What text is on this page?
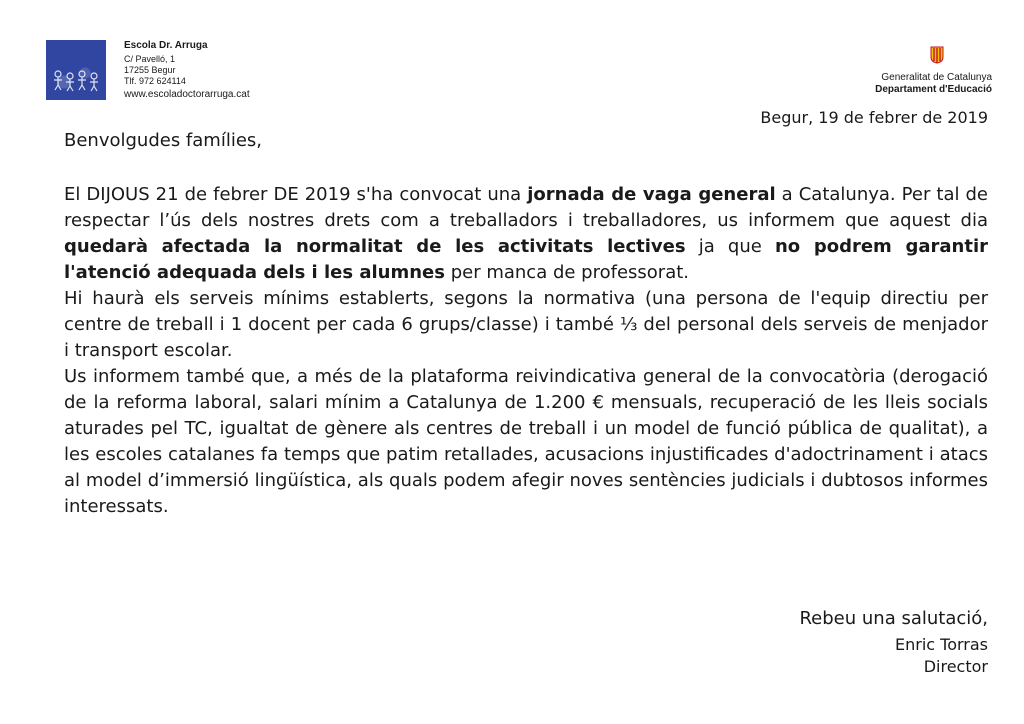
Escola Dr. Arruga
C/ Pavelló, 1
17255 Begur
Tlf. 972 624114
www.escoladoctorarruga.cat
Generalitat de Catalunya
Departament d'Educació
Begur, 19 de febrer de 2019
Benvolgudes famílies,

El DIJOUS 21 de febrer DE 2019 s'ha convocat una jornada de vaga general a Catalunya. Per tal de respectar l’ús dels nostres drets com a treballadors i treballadores, us informem que aquest dia quedarà afectada la normalitat de les activitats lectives ja que no podrem garantir l'atenció adequada dels i les alumnes per manca de professorat.

Hi haurà els serveis mínims establerts, segons la normativa (una persona de l'equip directiu per centre de treball i 1 docent per cada 6 grups/classe) i també ⅓ del personal dels serveis de menjador i transport escolar.

Us informem també que, a més de la plataforma reivindicativa general de la convocatòria (derogació de la reforma laboral, salari mínim a Catalunya de 1.200 € mensuals, recuperació de les lleis socials aturades pel TC, igualtat de gènere als centres de treball i un model de funció pública de qualitat), a les escoles catalanes fa temps que patim retallades, acusacions injustificades d'adoctrinament i atacs al model d’immersió lingüística, als quals podem afegir noves sentències judicials i dubtosos informes interessats.

Rebeu una salutació,
Enric Torras
Director
